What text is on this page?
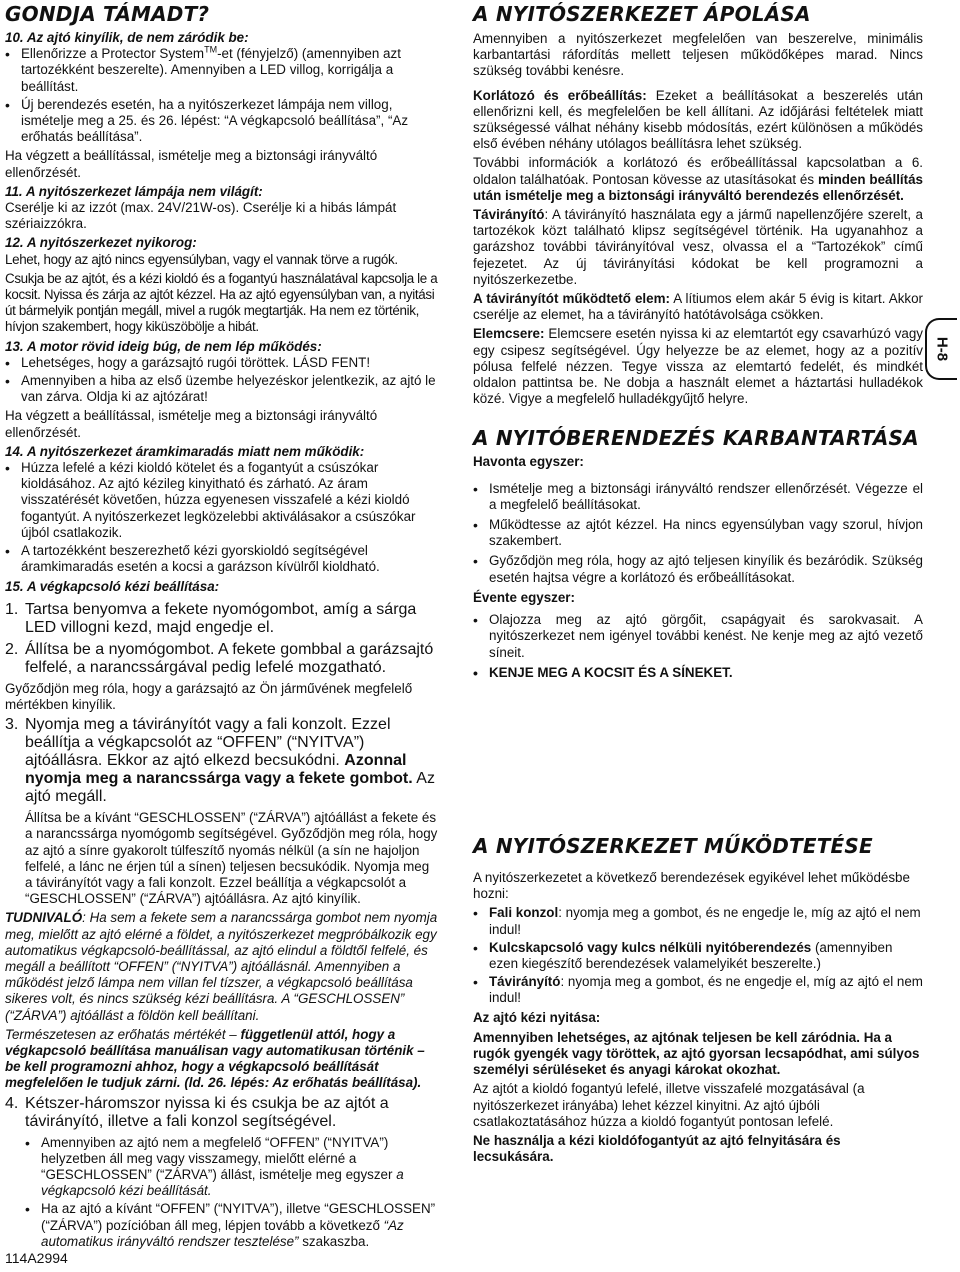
GONDJA TÁMADT?
10. Az ajtó kinyílik, de nem záródik be:
• Ellenőrizze a Protector System™-et (fényjelző) (amennyiben azt tartozékként beszerelte). Amennyiben a LED villog, korrigálja a beállítást.
• Új berendezés esetén, ha a nyitószerkezet lámpája nem villog, ismételje meg a 25. és 26. lépést: “A végkapcsoló beállítása”, “Az erőhatás beállítása”.

Ha végzett a beállítással, ismételje meg a biztonsági irányváltó ellenőrzését.

11. A nyitószerkezet lámpája nem világít:

Cserélje ki az izzót (max. 24V/21W-os). Cserélje ki a hibás lámpát szériaizzókra.

12. A nyitószerkezet nyikorog:

Lehet, hogy az ajtó nincs egyensúlyban, vagy el vannak törve a rugók.

Csukja be az ajtót, és a kézi kioldó és a fogantyú használatával kapcsolja le a kocsit. Nyissa és zárja az ajtót kézzel. Ha az ajtó egyensúlyban van, a nyitási út bármelyik pontján megáll, mivel a rugók megtartják. Ha nem ez történik, hívjon szakembert, hogy kiküszöbölje a hibát.

13. A motor rövid ideig búg, de nem lép működés:
• Lehetséges, hogy a garázsajtó rugói töröttek. LÁSD FENT!
• Amennyiben a hiba az első üzembe helyezéskor jelentkezik, az ajtó le van zárva. Oldja ki az ajtózárat!

Ha végzett a beállítással, ismételje meg a biztonsági irányváltó ellenőrzését.

14. A nyitószerkezet áramkimaradás miatt nem működik:
• Húzza lefelé a kézi kioldó kötelet és a fogantyút a csúszókar kioldásához. Az ajtó kézileg kinyitható és zárható. Az áram visszatérését követően, húzza egyenesen visszafelé a kézi kioldó fogantyút. A nyitószerkezet legközelebbi aktiválásakor a csúszókar újból csatlakozik.
• A tartozékként beszerezhető kézi gyorskioldó segítségével áramkimaradás esetén a kocsi a garázson kívülről kioldható.
15. A végkapcsoló kézi beállítása:
1. Tartsa benyomva a fekete nyomógombot, amíg a sárga LED villogni kezd, majd engedje el.
2. Állítsa be a nyomógombot. A fekete gombbal a garázsajtó felfelé, a narancssárgával pedig lefelé mozgatható.

Győződjön meg róla, hogy a garázsajtó az Ön járművének megfelelő mértékben kinyílik.

3. Nyomja meg a távirányítót vagy a fali konzolt. Ezzel beállítja a végkapcsolót az “OFFEN” (“NYITVA”) ajtóállásra. Ekkor az ajtó elkezd becsukódni. Azonnal nyomja meg a narancssárga vagy a fekete gombot. Az ajtó megáll.

Állítsa be a kívánt “GESCHLOSSEN” (“ZÁRVA”) ajtóállást a fekete és a narancssárga nyomógomb segítségével. Győződjön meg róla, hogy az ajtó a sínre gyakorolt túlfeszítő nyomás nélkül (a sín ne hajoljon felfelé, a lánc ne érjen túl a sínen) teljesen becsukódik. Nyomja meg a távirányítót vagy a fali konzolt. Ezzel beállítja a végkapcsolót a “GESCHLOSSEN” (“ZÁRVA”) ajtóállásra. Az ajtó kinyílik.

TUDNIVALÓ: Ha sem a fekete sem a narancssárga gombot nem nyomja meg, mielőtt az ajtó elérné a földet, a nyitószerkezet megpróbálkozik egy automatikus végkapcsoló-beállítással, az ajtó elindul a földtől felfelé, és megáll a beállított “OFFEN” (“NYITVA”) ajtóállásnál. Amennyiben a működést jelző lámpa nem villan fel tízszer, a végkapcsoló beállítása sikeres volt, és nincs szükség kézi beállításra. A “GESCHLOSSEN” (“ZÁRVA”) ajtóállást a földön kell beállítani.

Természetesen az erőhatás mértékét – függetlenül attól, hogy a végkapcsoló beállítása manuálisan vagy automatikusan történik – be kell programozni ahhoz, hogy a végkapcsoló beállítását megfelelően le tudjuk zárni. (ld. 26. lépés: Az erőhatás beállítása).

4. Kétszer-háromszor nyissa ki és csukja be az ajtót a távirányító, illetve a fali konzol segítségével.
• Amennyiben az ajtó nem a megfelelő “OFFEN” (“NYITVA”) helyzetben áll meg vagy visszamegy, mielőtt elérné a “GESCHLOSSEN” (“ZÁRVA”) állást, ismételje meg egyszer a végkapcsoló kézi beállítását.
• Ha az ajtó a kívánt “OFFEN” (“NYITVA”), illetve “GESCHLOSSEN” (“ZÁRVA”) pozícióban áll meg, lépjen tovább a következő “Az automatikus irányváltó rendszer tesztelése” szakaszba.
114A2994
A NYITÓSZERKEZET ÁPOLÁSA

Amennyiben a nyitószerkezet megfelelően van beszerelve, minimális karbantartási ráfordítás mellett teljesen működőképes marad. Nincs szükség további kenésre.

Korlátozó és erőbeállítás: Ezeket a beállításokat a beszerelés után ellenőrizni kell, és megfelelően be kell állítani. Az időjárási feltételek miatt szükségessé válhat néhány kisebb módosítás, ezért különösen a működés első évében néhány utólagos beállításra lehet szükség.

További információk a korlátozó és erőbeállítással kapcsolatban a 6. oldalon találhatóak. Pontosan kövesse az utasításokat és minden beállítás után ismételje meg a biztonsági irányváltó berendezés ellenőrzését.

Távirányító: A távirányító használata egy a jármű napellenzőjére szerelt, a tartozékok közt található klipsz segítségével történik. Ha ugyanahhoz a garázshoz további távirányítóval vesz, olvassa el a “Tartozékok” című fejezetet. Az új távirányítási kódokat be kell programozni a nyitószerkezetbe.

A távirányítót működtető elem: A lítiumos elem akár 5 évig is kitart. Akkor cserélje az elemet, ha a távirányító hatótávolsága csökken.

Elemcsere: Elemcsere esetén nyissa ki az elemtartót egy csavarhúzó vagy egy csipesz segítségével. Úgy helyezze be az elemet, hogy az a pozitív pólusa felfelé nézzen. Tegye vissza az elemtartó fedelét, és mindkét oldalon pattintsa be. Ne dobja a használt elemet a háztartási hulladékok közé. Vigye a megfelelő hulladékgyűjtő helyre.

A NYITÓBERENDEZÉS KARBANTARTÁSA
Havonta egyszer:
• Ismételje meg a biztonsági irányváltó rendszer ellenőrzését. Végezze el a megfelelő beállításokat.
• Működtesse az ajtót kézzel. Ha nincs egyensúlyban vagy szorul, hívjon szakembert.
• Győződjön meg róla, hogy az ajtó teljesen kinyílik és bezáródik. Szükség esetén hajtsa végre a korlátozó és erőbeállításokat.
Évente egyszer:
• Olajozza meg az ajtó görgőit, csapágyait és sarokvasait. A nyitószerkezet nem igényel további kenést. Ne kenje meg az ajtó vezető síneit.
• KENJE MEG A KOCSIT ÉS A SÍNEKET.
A NYITÓSZERKEZET MŰKÖDTETÉSE

A nyitószerkezetet a következő berendezések egyikével lehet működésbe hozni:

• Fali konzol: nyomja meg a gombot, és ne engedje le, míg az ajtó el nem indul!
• Kulcskapcsoló vagy kulcs nélküli nyitóberendezés (amennyiben ezen kiegészítő berendezések valamelyikét beszerelte.)
• Távirányító: nyomja meg a gombot, és ne engedje el, míg az ajtó el nem indul!
Az ajtó kézi nyitása:

Amennyiben lehetséges, az ajtónak teljesen be kell záródnia. Ha a rugók gyengék vagy töröttek, az ajtó gyorsan lecsapódhat, ami súlyos személyi sérüléseket és anyagi károkat okozhat.

Az ajtót a kioldó fogantyú lefelé, illetve visszafelé mozgatásával (a nyitószerkezet irányába) lehet kézzel kinyitni. Az ajtó újbóli csatlakoztatásához húzza a kioldó fogantyút pontosan lefelé.

Ne használja a kézi kioldófogantyút az ajtó felnyitására és lecsukására.

H-8
